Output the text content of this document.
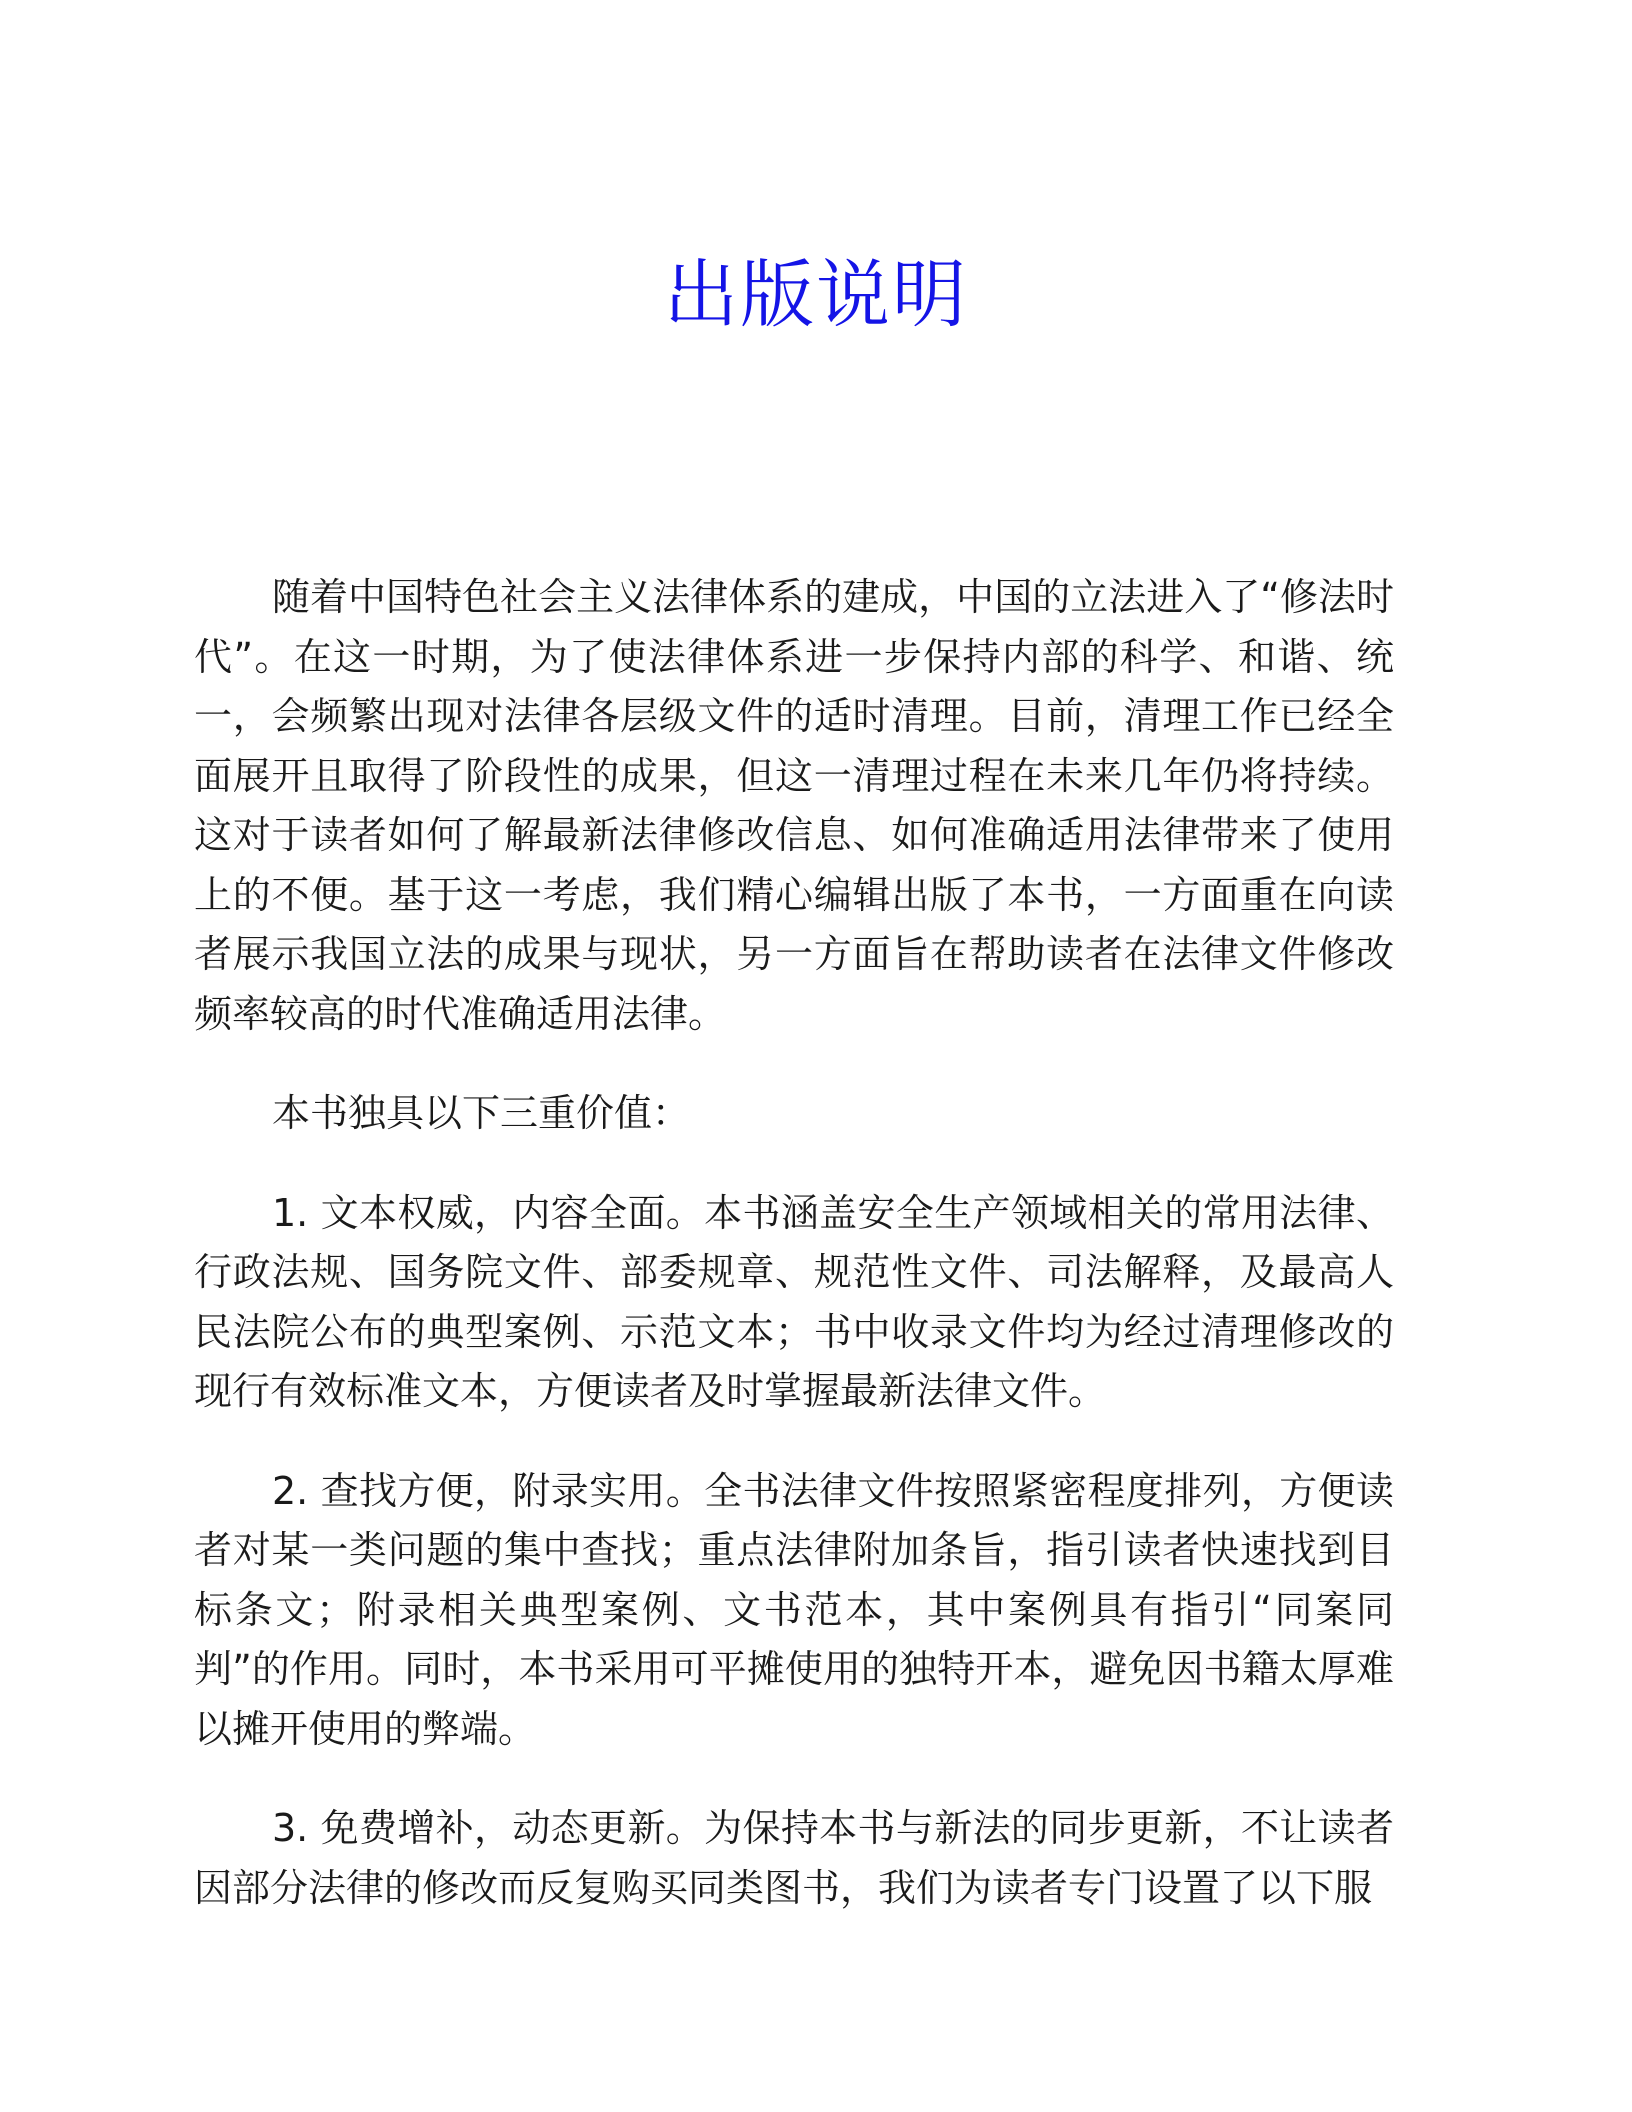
出版说明

随着中国特色社会主义法律体系的建成，中国的立法进入了“修法时代”。在这一时期，为了使法律体系进一步保持内部的科学、和谐、统一，会频繁出现对法律各层级文件的适时清理。目前，清理工作已经全面展开且取得了阶段性的成果，但这一清理过程在未来几年仍将持续。这对于读者如何了解最新法律修改信息、如何准确适用法律带来了使用上的不便。基于这一考虑，我们精心编辑出版了本书，一方面重在向读者展示我国立法的成果与现状，另一方面旨在帮助读者在法律文件修改频率较高的时代准确适用法律。

本书独具以下三重价值：

1. 文本权威，内容全面。本书涵盖安全生产领域相关的常用法律、行政法规、国务院文件、部委规章、规范性文件、司法解释，及最高人民法院公布的典型案例、示范文本；书中收录文件均为经过清理修改的现行有效标准文本，方便读者及时掌握最新法律文件。

2. 查找方便，附录实用。全书法律文件按照紧密程度排列，方便读者对某一类问题的集中查找；重点法律附加条旨，指引读者快速找到目标条文；附录相关典型案例、文书范本，其中案例具有指引“同案同判”的作用。同时，本书采用可平摊使用的独特开本，避免因书籍太厚难以摊开使用的弊端。

3. 免费增补，动态更新。为保持本书与新法的同步更新，不让读者因部分法律的修改而反复购买同类图书，我们为读者专门设置了以下服
